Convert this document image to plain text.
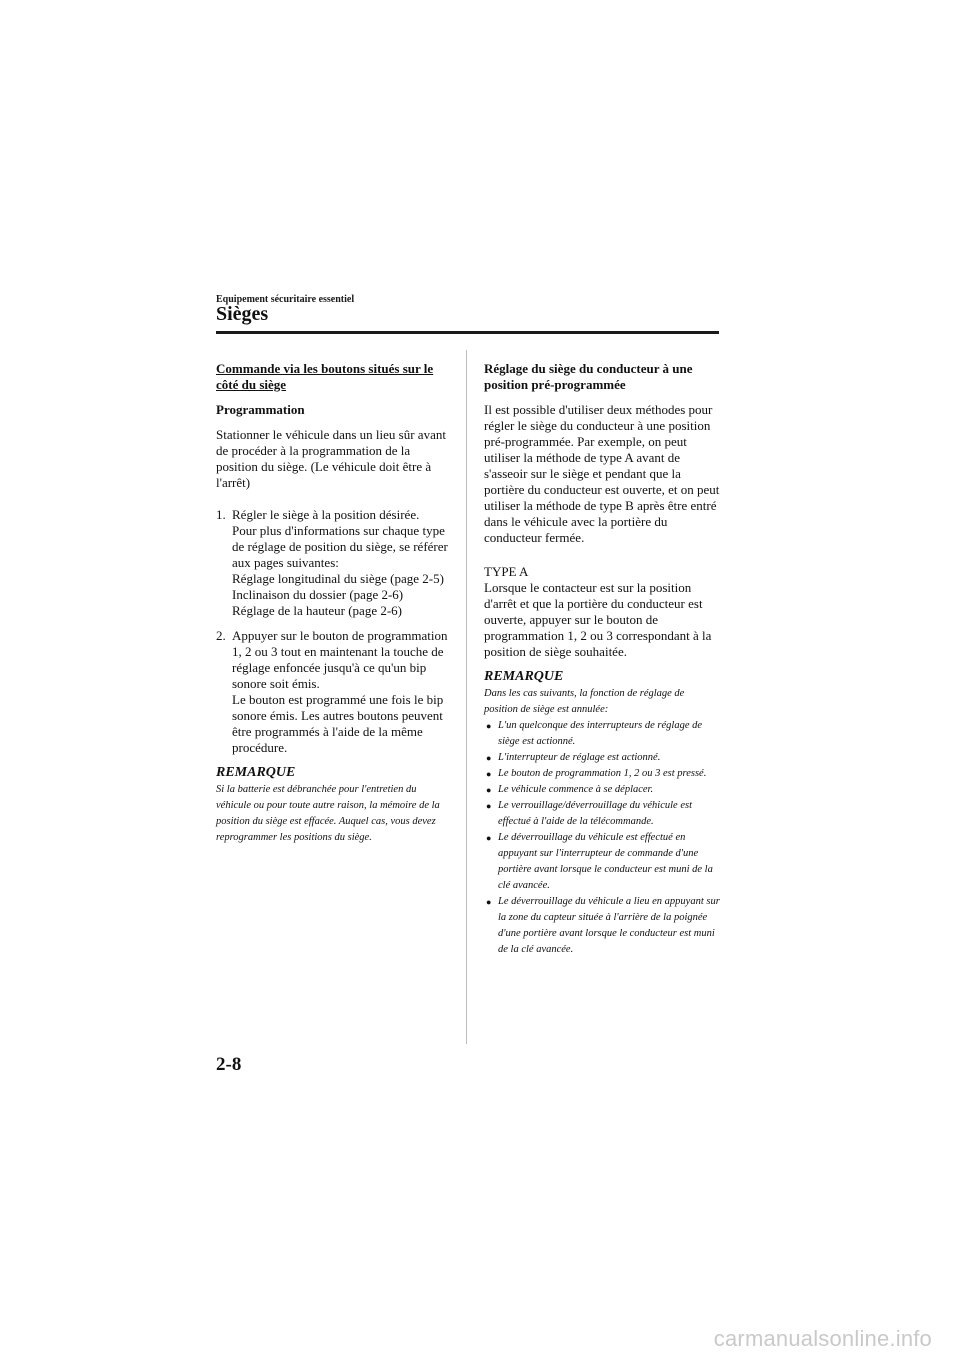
Equipement sécuritaire essentiel
Sièges

Commande via les boutons situés sur le côté du siège

Programmation

Stationner le véhicule dans un lieu sûr avant de procéder à la programmation de la position du siège. (Le véhicule doit être à l'arrêt)

1. Régler le siège à la position désirée.
Pour plus d'informations sur chaque type de réglage de position du siège, se référer aux pages suivantes:
Réglage longitudinal du siège (page 2-5)
Inclinaison du dossier (page 2-6)
Réglage de la hauteur (page 2-6)
2. Appuyer sur le bouton de programmation 1, 2 ou 3 tout en maintenant la touche de réglage enfoncée jusqu'à ce qu'un bip sonore soit émis.
Le bouton est programmé une fois le bip sonore émis. Les autres boutons peuvent être programmés à l'aide de la même procédure.

REMARQUE

Si la batterie est débranchée pour l'entretien du véhicule ou pour toute autre raison, la mémoire de la position du siège est effacée. Auquel cas, vous devez reprogrammer les positions du siège.

Réglage du siège du conducteur à une position pré-programmée

Il est possible d'utiliser deux méthodes pour régler le siège du conducteur à une position pré-programmée. Par exemple, on peut utiliser la méthode de type A avant de s'asseoir sur le siège et pendant que la portière du conducteur est ouverte, et on peut utiliser la méthode de type B après être entré dans le véhicule avec la portière du conducteur fermée.

TYPE A

Lorsque le contacteur est sur la position d'arrêt et que la portière du conducteur est ouverte, appuyer sur le bouton de programmation 1, 2 ou 3 correspondant à la position de siège souhaitée.

REMARQUE

Dans les cas suivants, la fonction de réglage de position de siège est annulée:

● L'un quelconque des interrupteurs de réglage de siège est actionné.
● L'interrupteur de réglage est actionné.
● Le bouton de programmation 1, 2 ou 3 est pressé.
● Le véhicule commence à se déplacer.
● Le verrouillage/déverrouillage du véhicule est effectué à l'aide de la télécommande.
● Le déverrouillage du véhicule est effectué en appuyant sur l'interrupteur de commande d'une portière avant lorsque le conducteur est muni de la clé avancée.
● Le déverrouillage du véhicule a lieu en appuyant sur la zone du capteur située à l'arrière de la poignée d'une portière avant lorsque le conducteur est muni de la clé avancée.
2-8
carmanualsonline.info
